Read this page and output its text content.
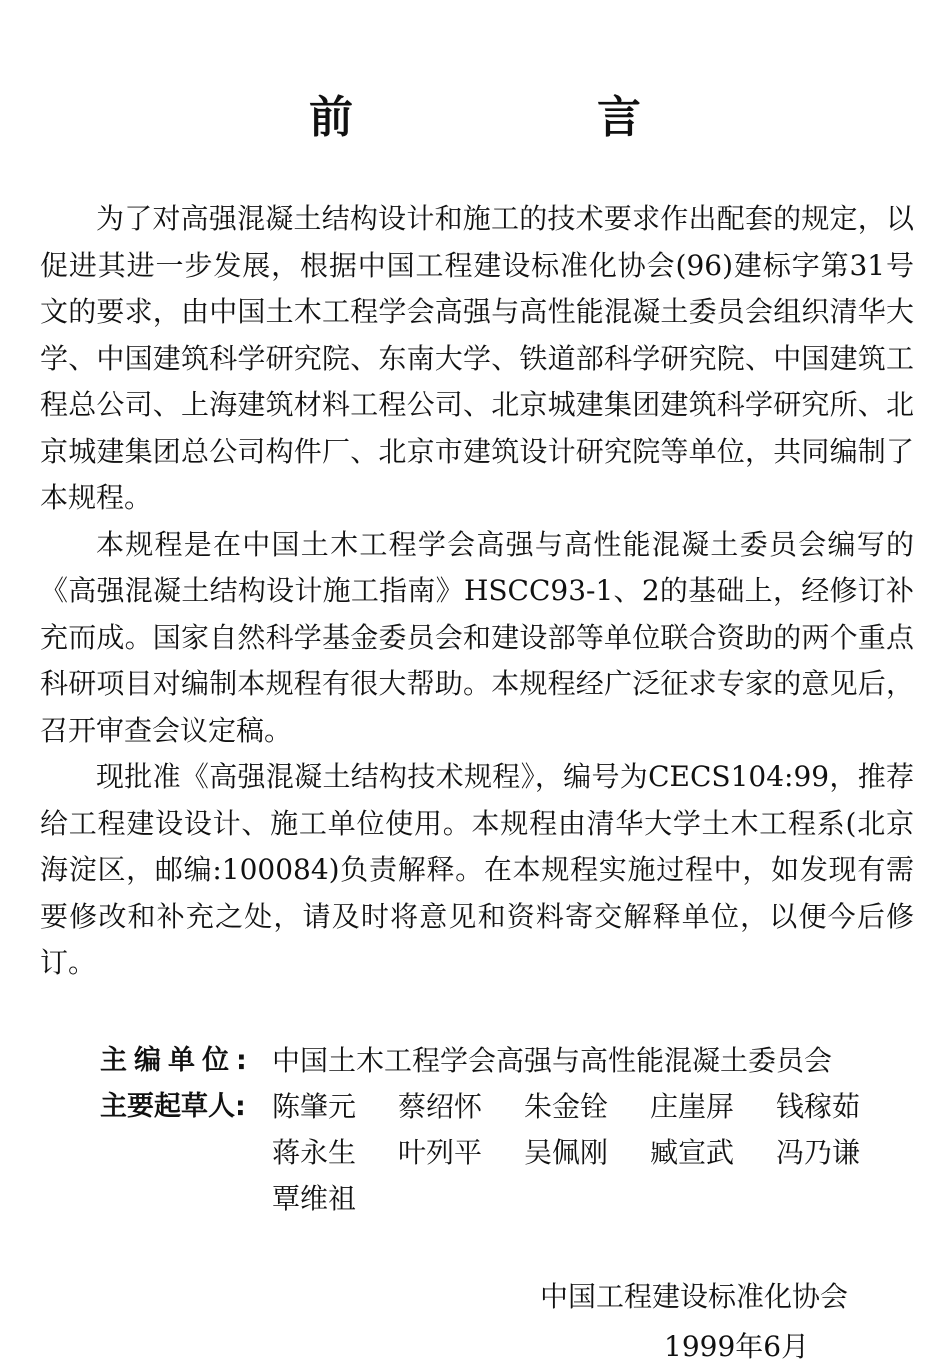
前　言

为了对高强混凝土结构设计和施工的技术要求作出配套的规定，以促进其进一步发展，根据中国工程建设标准化协会(96)建标字第31号文的要求，由中国土木工程学会高强与高性能混凝土委员会组织清华大学、中国建筑科学研究院、东南大学、铁道部科学研究院、中国建筑工程总公司、上海建筑材料工程公司、北京城建集团建筑科学研究所、北京城建集团总公司构件厂、北京市建筑设计研究院等单位，共同编制了本规程。

本规程是在中国土木工程学会高强与高性能混凝土委员会编写的《高强混凝土结构设计施工指南》HSCC93-1、2的基础上，经修订补充而成。国家自然科学基金委员会和建设部等单位联合资助的两个重点科研项目对编制本规程有很大帮助。本规程经广泛征求专家的意见后，召开审查会议定稿。

现批准《高强混凝土结构技术规程》，编号为CECS104:99，推荐给工程建设设计、施工单位使用。本规程由清华大学土木工程系(北京海淀区，邮编:100084)负责解释。在本规程实施过程中，如发现有需要修改和补充之处，请及时将意见和资料寄交解释单位，以便今后修订。

主编单位: 中国土木工程学会高强与高性能混凝土委员会
主要起草人: 陈肇元	蔡绍怀	朱金铨	庄崖屏	钱稼茹
蒋永生	叶列平	吴佩刚	臧宣武	冯乃谦
覃维祖
中国工程建设标准化协会
1999年6月
